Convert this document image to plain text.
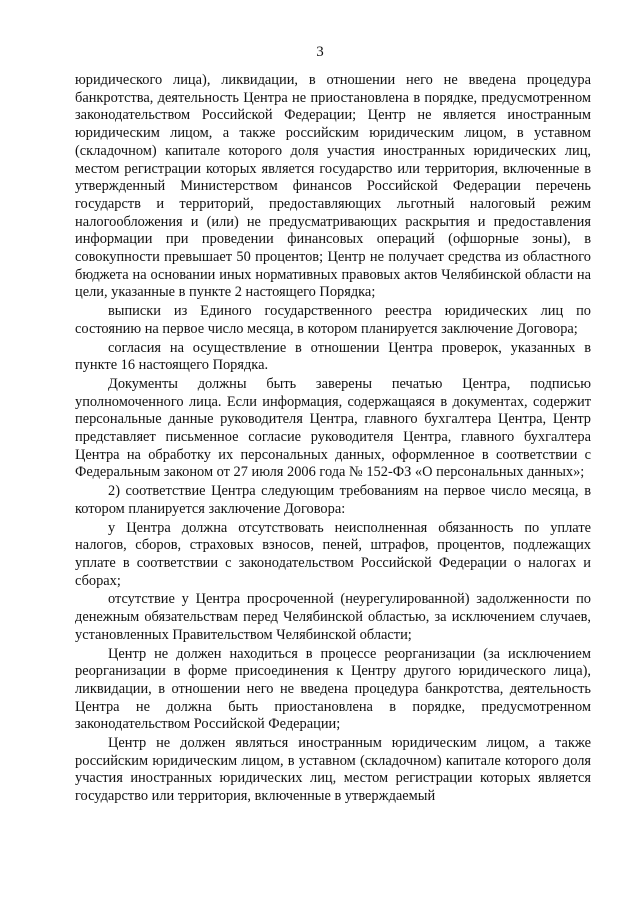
3

юридического лица), ликвидации, в отношении него не введена процедура банкротства, деятельность Центра не приостановлена в порядке, предусмотренном законодательством Российской Федерации; Центр не является иностранным юридическим лицом, а также российским юридическим лицом, в уставном (складочном) капитале которого доля участия иностранных юридических лиц, местом регистрации которых является государство или территория, включенные в утвержденный Министерством финансов Российской Федерации перечень государств и территорий, предоставляющих льготный налоговый режим налогообложения и (или) не предусматривающих раскрытия и предоставления информации при проведении финансовых операций (офшорные зоны), в совокупности превышает 50 процентов; Центр не получает средства из областного бюджета на основании иных нормативных правовых актов Челябинской области на цели, указанные в пункте 2 настоящего Порядка;

выписки из Единого государственного реестра юридических лиц по состоянию на первое число месяца, в котором планируется заключение Договора;

согласия на осуществление в отношении Центра проверок, указанных в пункте 16 настоящего Порядка.

Документы должны быть заверены печатью Центра, подписью уполномоченного лица. Если информация, содержащаяся в документах, содержит персональные данные руководителя Центра, главного бухгалтера Центра, Центр представляет письменное согласие руководителя Центра, главного бухгалтера Центра на обработку их персональных данных, оформленное в соответствии с Федеральным законом от 27 июля 2006 года № 152-ФЗ «О персональных данных»;

2) соответствие Центра следующим требованиям на первое число месяца, в котором планируется заключение Договора:

у Центра должна отсутствовать неисполненная обязанность по уплате налогов, сборов, страховых взносов, пеней, штрафов, процентов, подлежащих уплате в соответствии с законодательством Российской Федерации о налогах и сборах;

отсутствие у Центра просроченной (неурегулированной) задолженности по денежным обязательствам перед Челябинской областью, за исключением случаев, установленных Правительством Челябинской области;

Центр не должен находиться в процессе реорганизации (за исключением реорганизации в форме присоединения к Центру другого юридического лица), ликвидации, в отношении него не введена процедура банкротства, деятельность Центра не должна быть приостановлена в порядке, предусмотренном законодательством Российской Федерации;

Центр не должен являться иностранным юридическим лицом, а также российским юридическим лицом, в уставном (складочном) капитале которого доля участия иностранных юридических лиц, местом регистрации которых является государство или территория, включенные в утверждаемый
